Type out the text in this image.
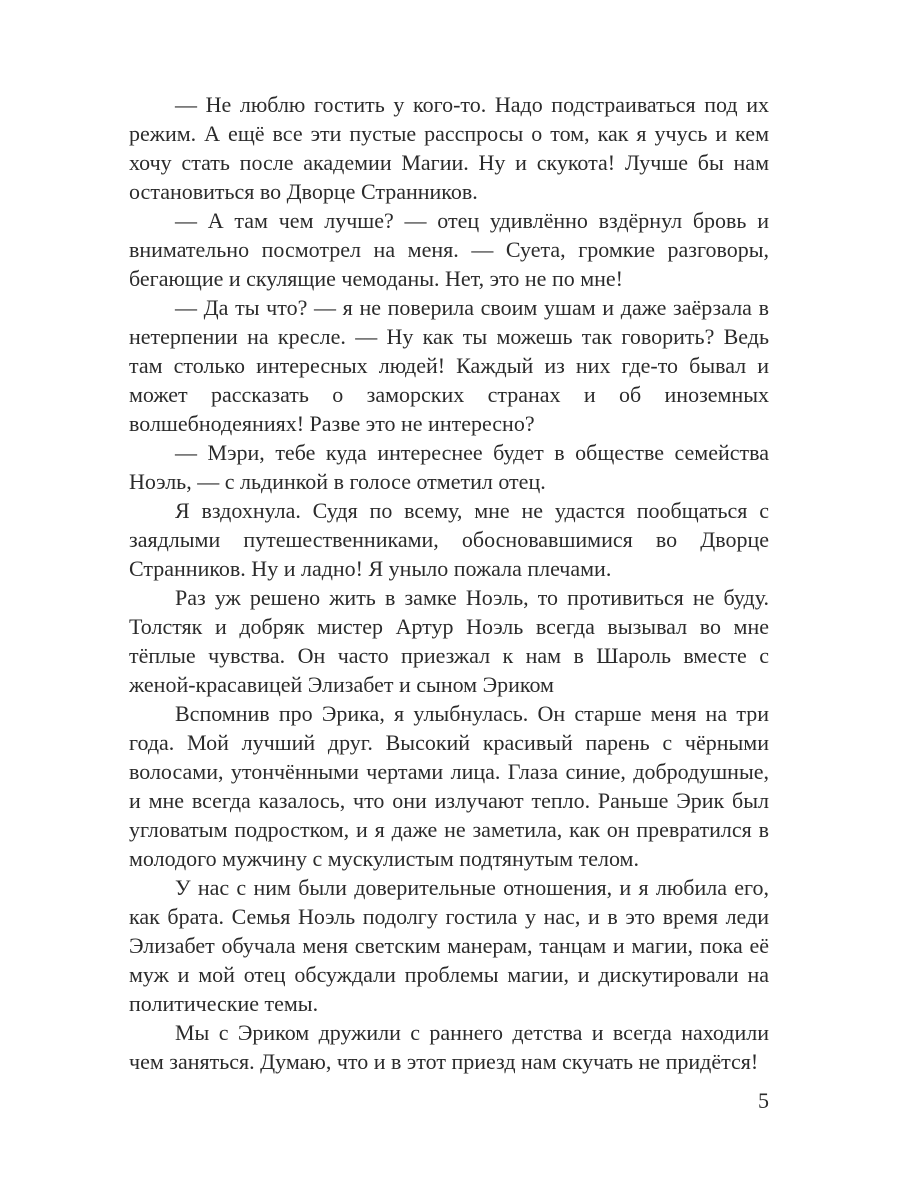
— Не люблю гостить у кого-то. Надо подстраиваться под их режим. А ещё все эти пустые расспросы о том, как я учусь и кем хочу стать после академии Магии. Ну и скукота! Лучше бы нам остановиться во Дворце Странников.

— А там чем лучше? — отец удивлённо вздёрнул бровь и внимательно посмотрел на меня. — Суета, громкие разговоры, бегающие и скулящие чемоданы. Нет, это не по мне!

— Да ты что? — я не поверила своим ушам и даже заёрзала в нетерпении на кресле. — Ну как ты можешь так говорить? Ведь там столько интересных людей! Каждый из них где-то бывал и может рассказать о заморских странах и об иноземных волшебнодеяниях! Разве это не интересно?

— Мэри, тебе куда интереснее будет в обществе семейства Ноэль, — с льдинкой в голосе отметил отец.

Я вздохнула. Судя по всему, мне не удастся пообщаться с заядлыми путешественниками, обосновавшимися во Дворце Странников. Ну и ладно! Я уныло пожала плечами.

Раз уж решено жить в замке Ноэль, то противиться не буду. Толстяк и добряк мистер Артур Ноэль всегда вызывал во мне тёплые чувства. Он часто приезжал к нам в Шароль вместе с женой-красавицей Элизабет и сыном Эриком

Вспомнив про Эрика, я улыбнулась. Он старше меня на три года. Мой лучший друг. Высокий красивый парень с чёрными волосами, утончёнными чертами лица. Глаза синие, добродушные, и мне всегда казалось, что они излучают тепло. Раньше Эрик был угловатым подростком, и я даже не заметила, как он превратился в молодого мужчину с мускулистым подтянутым телом.

У нас с ним были доверительные отношения, и я любила его, как брата. Семья Ноэль подолгу гостила у нас, и в это время леди Элизабет обучала меня светским манерам, танцам и магии, пока её муж и мой отец обсуждали проблемы магии, и дискутировали на политические темы.

Мы с Эриком дружили с раннего детства и всегда находили чем заняться. Думаю, что и в этот приезд нам скучать не придётся!

5
